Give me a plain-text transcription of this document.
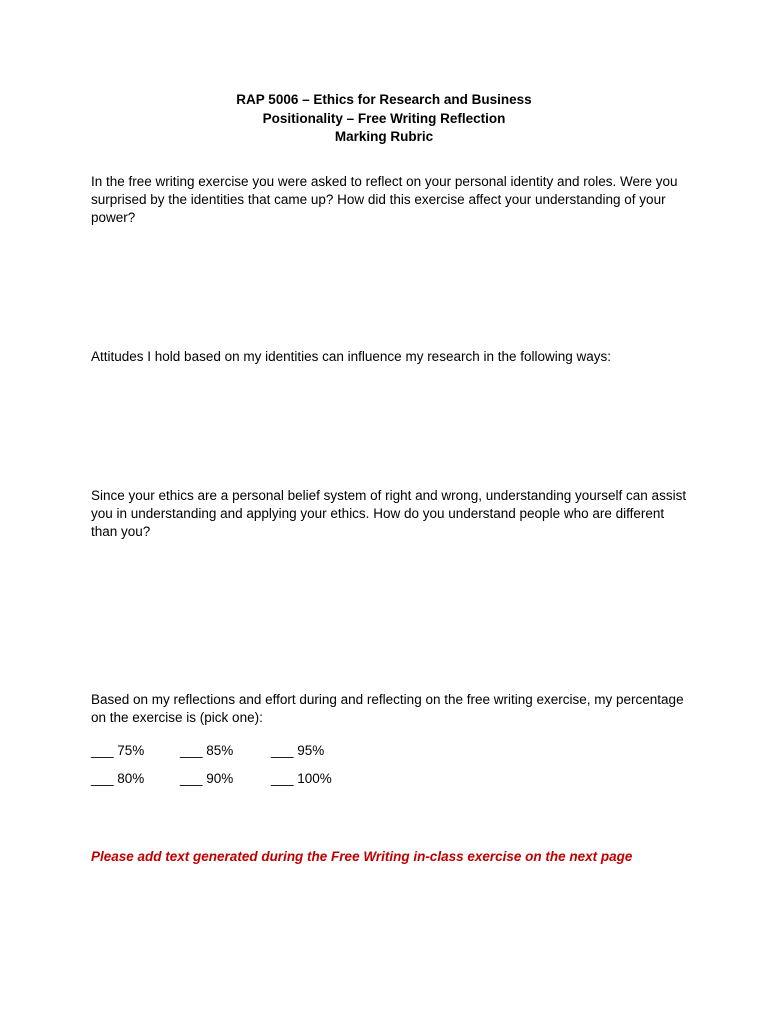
RAP 5006 – Ethics for Research and Business
Positionality – Free Writing Reflection
Marking Rubric
In the free writing exercise you were asked to reflect on your personal identity and roles. Were you surprised by the identities that came up? How did this exercise affect your understanding of your power?
Attitudes I hold based on my identities can influence my research in the following ways:
Since your ethics are a personal belief system of right and wrong, understanding yourself can assist you in understanding and applying your ethics. How do you understand people who are different than you?
Based on my reflections and effort during and reflecting on the free writing exercise, my percentage on the exercise is (pick one):
___ 75%	___ 85%	___ 95%
___ 80%	___ 90%	___ 100%
Please add text generated during the Free Writing in-class exercise on the next page
